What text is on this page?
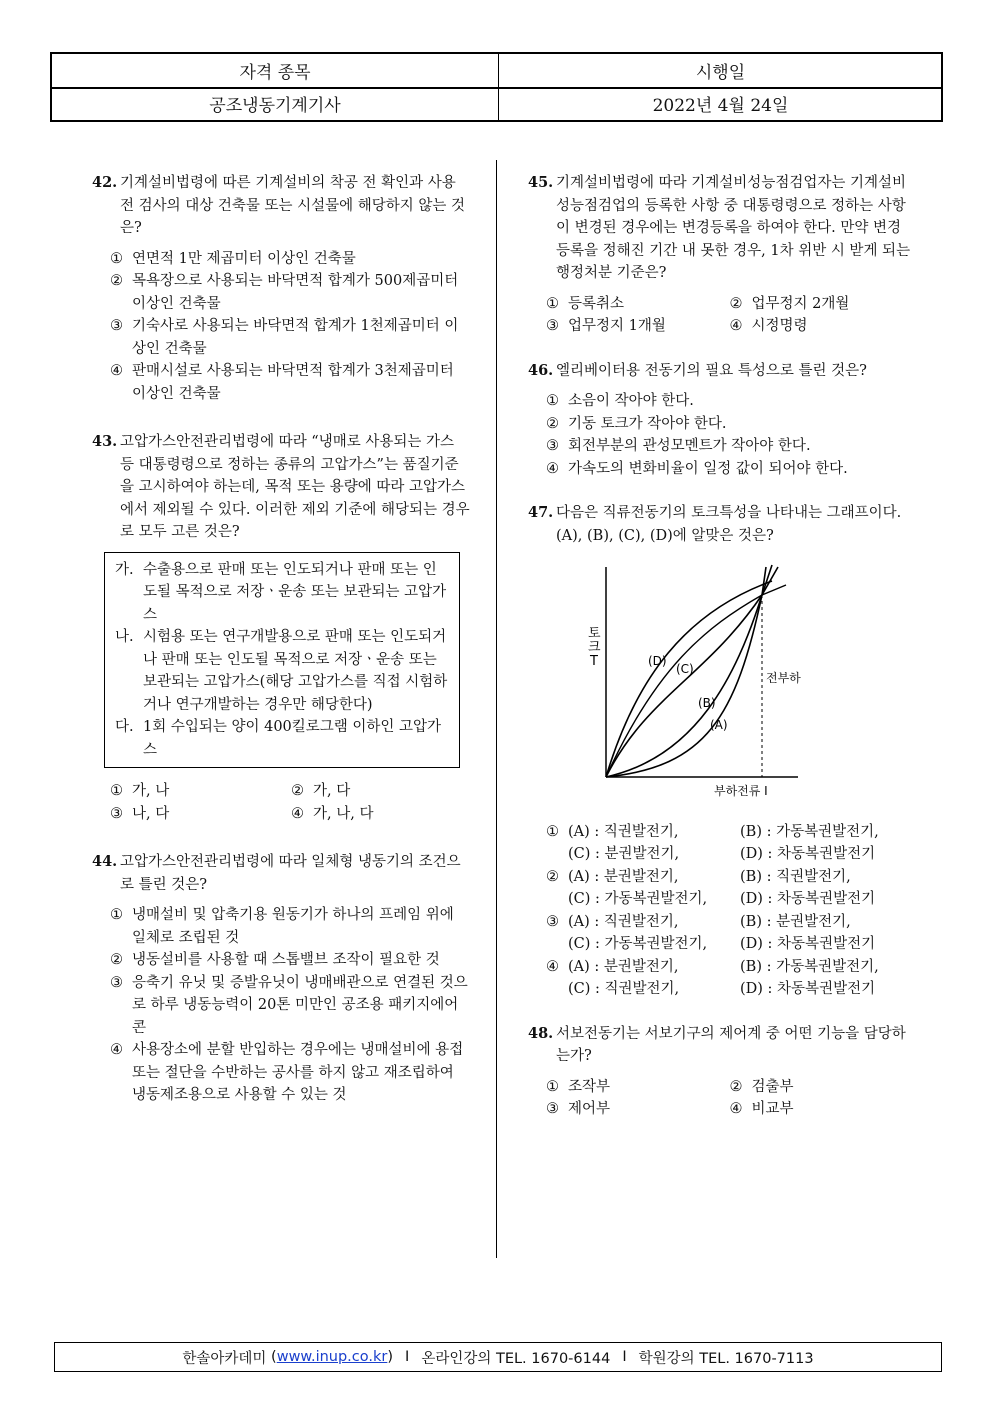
자격 종목	시행일
공조냉동기계기사	2022년 4월 24일
42. 기계설비법령에 따른 기계설비의 착공 전 확인과 사용 전 검사의 대상 건축물 또는 시설물에 해당하지 않는 것은?
① 연면적 1만 제곱미터 이상인 건축물
② 목욕장으로 사용되는 바닥면적 합계가 500제곱미터 이상인 건축물
③ 기숙사로 사용되는 바닥면적 합계가 1천제곱미터 이상인 건축물
④ 판매시설로 사용되는 바닥면적 합계가 3천제곱미터 이상인 건축물
43. 고압가스안전관리법령에 따라 “냉매로 사용되는 가스 등 대통령령으로 정하는 종류의 고압가스”는 품질기준을 고시하여야 하는데, 목적 또는 용량에 따라 고압가스에서 제외될 수 있다. 이러한 제외 기준에 해당되는 경우로 모두 고른 것은?
가. 수출용으로 판매 또는 인도되거나 판매 또는 인도될 목적으로 저장ㆍ운송 또는 보관되는 고압가스
나. 시험용 또는 연구개발용으로 판매 또는 인도되거나 판매 또는 인도될 목적으로 저장ㆍ운송 또는 보관되는 고압가스(해당 고압가스를 직접 시험하거나 연구개발하는 경우만 해당한다)
다. 1회 수입되는 양이 400킬로그램 이하인 고압가스
① 가, 나	② 가, 다
③ 나, 다	④ 가, 나, 다
44. 고압가스안전관리법령에 따라 일체형 냉동기의 조건으로 틀린 것은?
① 냉매설비 및 압축기용 원동기가 하나의 프레임 위에 일체로 조립된 것
② 냉동설비를 사용할 때 스톱밸브 조작이 필요한 것
③ 응축기 유닛 및 증발유닛이 냉매배관으로 연결된 것으로 하루 냉동능력이 20톤 미만인 공조용 패키지에어콘
④ 사용장소에 분할 반입하는 경우에는 냉매설비에 용접 또는 절단을 수반하는 공사를 하지 않고 재조립하여 냉동제조용으로 사용할 수 있는 것
45. 기계설비법령에 따라 기계설비성능점검업자는 기계설비성능점검업의 등록한 사항 중 대통령령으로 정하는 사항이 변경된 경우에는 변경등록을 하여야 한다. 만약 변경등록을 정해진 기간 내 못한 경우, 1차 위반 시 받게 되는 행정처분 기준은?
① 등록취소	② 업무정지 2개월
③ 업무정지 1개월	④ 시정명령
46. 엘리베이터용 전동기의 필요 특성으로 틀린 것은?
① 소음이 작아야 한다.
② 기동 토크가 작아야 한다.
③ 회전부분의 관성모멘트가 작아야 한다.
④ 가속도의 변화비율이 일정 값이 되어야 한다.
47. 다음은 직류전동기의 토크특성을 나타내는 그래프이다. (A), (B), (C), (D)에 알맞은 것은?
토 크 T	(D)
(C)
(B)
(A)
전부하
부하전류 I
① (A) : 직권발전기,	(B) : 가동복권발전기,
(C) : 분권발전기,	(D) : 차동복권발전기
② (A) : 분권발전기,	(B) : 직권발전기,
(C) : 가동복권발전기,	(D) : 차동복권발전기
③ (A) : 직권발전기,	(B) : 분권발전기,
(C) : 가동복권발전기,	(D) : 차동복권발전기
④ (A) : 분권발전기,	(B) : 가동복권발전기,
(C) : 직권발전기,	(D) : 차동복권발전기
48. 서보전동기는 서보기구의 제어계 중 어떤 기능을 담당하는가?
① 조작부	② 검출부
③ 제어부	④ 비교부
한솔아카데미 ( www.inup.co.kr ) I 온라인강의 TEL. 1670-6144 I 학원강의 TEL. 1670-7113
